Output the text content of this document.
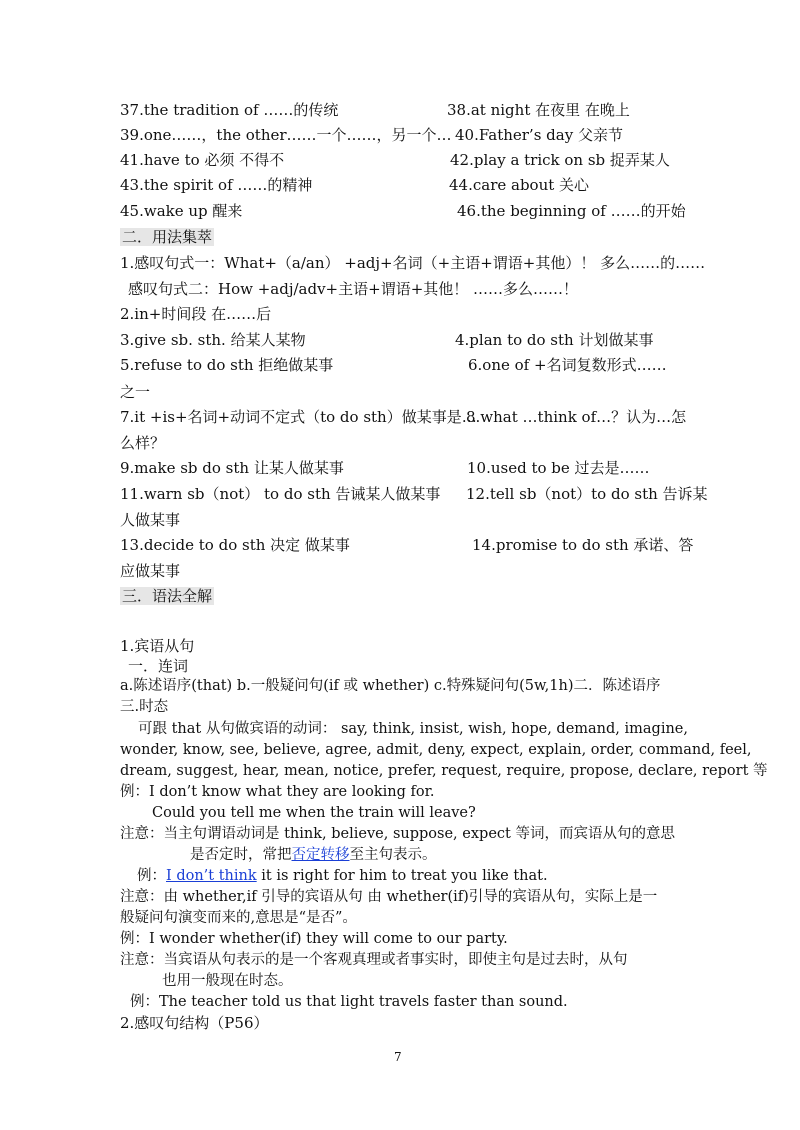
37.the tradition of ……的传统	38.at night 在夜里 在晚上
39.one……，the other……一个……，另一个… 40.Father’s day 父亲节
41.have to 必须 不得不	42.play a trick on sb 捉弄某人
43.the spirit of ……的精神	44.care about 关心
45.wake up 醒来	46.the beginning of ……的开始
二．用法集萃
1.感叹句式一：What+（a/an） +adj+名词（+主语+谓语+其他）！ 多么……的……
感叹句式二：How +adj/adv+主语+谓语+其他！ ……多么……！
2.in+时间段 在……后
3.give sb. sth. 给某人某物	4.plan to do sth 计划做某事
5.refuse to do sth 拒绝做某事	6.one of +名词复数形式……
之一
7.it +is+名词+动词不定式（to do sth）做某事是…
8.what …think of…？认为…怎
么样？
9.make sb do sth 让某人做某事	10.used to be 过去是……
11.warn sb（not） to do sth 告诫某人做某事 12.tell sb（not）to do sth 告诉某
人做某事
13.decide to do sth 决定 做某事	14.promise to do sth 承诺、答
应做某事
三．语法全解
1.宾语从句
一．连词
a.陈述语序(that) b.一般疑问句(if 或 whether) c.特殊疑问句(5w,1h)二．陈述语序
三.时态
可跟 that 从句做宾语的动词： say, think, insist, wish, hope, demand, imagine,
wonder, know, see, believe, agree, admit, deny, expect, explain, order, command, feel,
dream, suggest, hear, mean, notice, prefer, request, require, propose, declare, report 等
例：I don’t know what they are looking for.
Could you tell me when the train will leave?
注意：当主句谓语动词是 think, believe, suppose, expect 等词，而宾语从句的意思
是否定时，常把否定转移至主句表示。
例：I don’t think it is right for him to treat you like that.
注意：由 whether,if 引导的宾语从句 由 whether(if)引导的宾语从句，实际上是一
般疑问句演变而来的,意思是“是否”。
例：I wonder whether(if) they will come to our party.
注意：当宾语从句表示的是一个客观真理或者事实时，即使主句是过去时，从句
也用一般现在时态。
例：The teacher told us that light travels faster than sound.
2.感叹句结构（P56）
7
